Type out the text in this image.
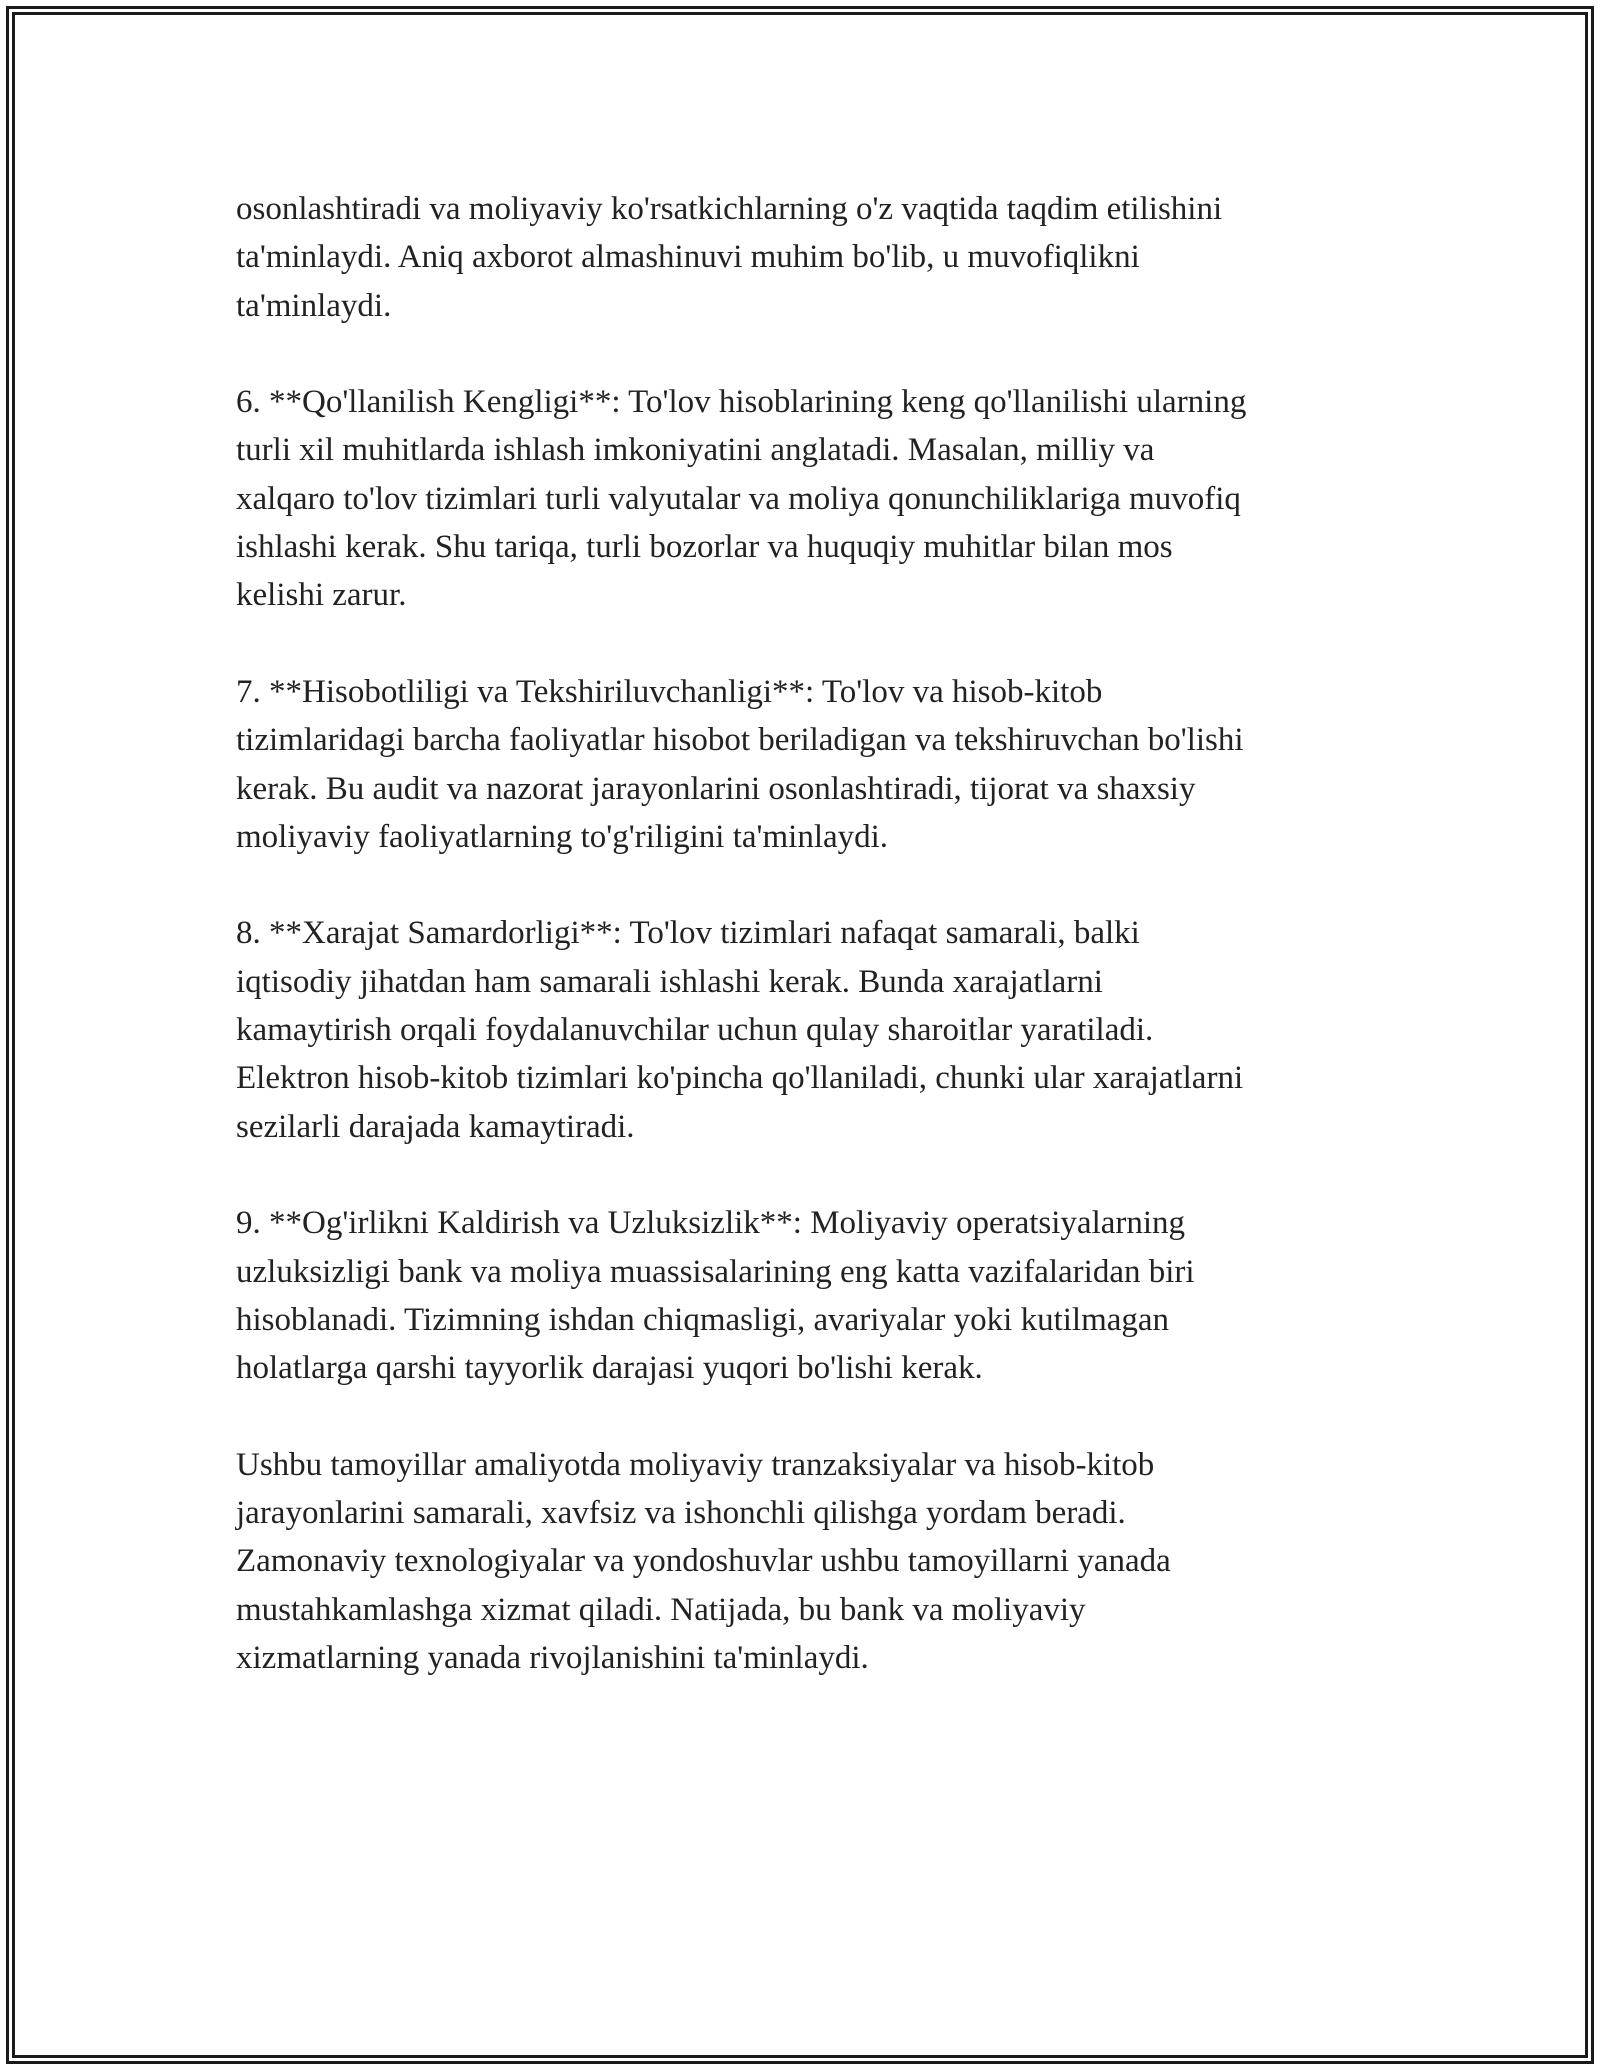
osonlashtiradi va moliyaviy ko'rsatkichlarning o'z vaqtida taqdim etilishini
ta'minlaydi. Aniq axborot almashinuvi muhim bo'lib, u muvofiqlikni
ta'minlaydi.

6. **Qo'llanilish Kengligi**: To'lov hisoblarining keng qo'llanilishi ularning
turli xil muhitlarda ishlash imkoniyatini anglatadi. Masalan, milliy va
xalqaro to'lov tizimlari turli valyutalar va moliya qonunchiliklariga muvofiq
ishlashi kerak. Shu tariqa, turli bozorlar va huquqiy muhitlar bilan mos
kelishi zarur.

7. **Hisobotliligi va Tekshiriluvchanligi**: To'lov va hisob-kitob
tizimlaridagi barcha faoliyatlar hisobot beriladigan va tekshiruvchan bo'lishi
kerak. Bu audit va nazorat jarayonlarini osonlashtiradi, tijorat va shaxsiy
moliyaviy faoliyatlarning to'g'riligini ta'minlaydi.

8. **Xarajat Samardorligi**: To'lov tizimlari nafaqat samarali, balki
iqtisodiy jihatdan ham samarali ishlashi kerak. Bunda xarajatlarni
kamaytirish orqali foydalanuvchilar uchun qulay sharoitlar yaratiladi.
Elektron hisob-kitob tizimlari ko'pincha qo'llaniladi, chunki ular xarajatlarni
sezilarli darajada kamaytiradi.

9. **Og'irlikni Kaldirish va Uzluksizlik**: Moliyaviy operatsiyalarning
uzluksizligi bank va moliya muassisalarining eng katta vazifalaridan biri
hisoblanadi. Tizimning ishdan chiqmasligi, avariyalar yoki kutilmagan
holatlarga qarshi tayyorlik darajasi yuqori bo'lishi kerak.

Ushbu tamoyillar amaliyotda moliyaviy tranzaksiyalar va hisob-kitob
jarayonlarini samarali, xavfsiz va ishonchli qilishga yordam beradi.
Zamonaviy texnologiyalar va yondoshuvlar ushbu tamoyillarni yanada
mustahkamlashga xizmat qiladi. Natijada, bu bank va moliyaviy
xizmatlarning yanada rivojlanishini ta'minlaydi.
